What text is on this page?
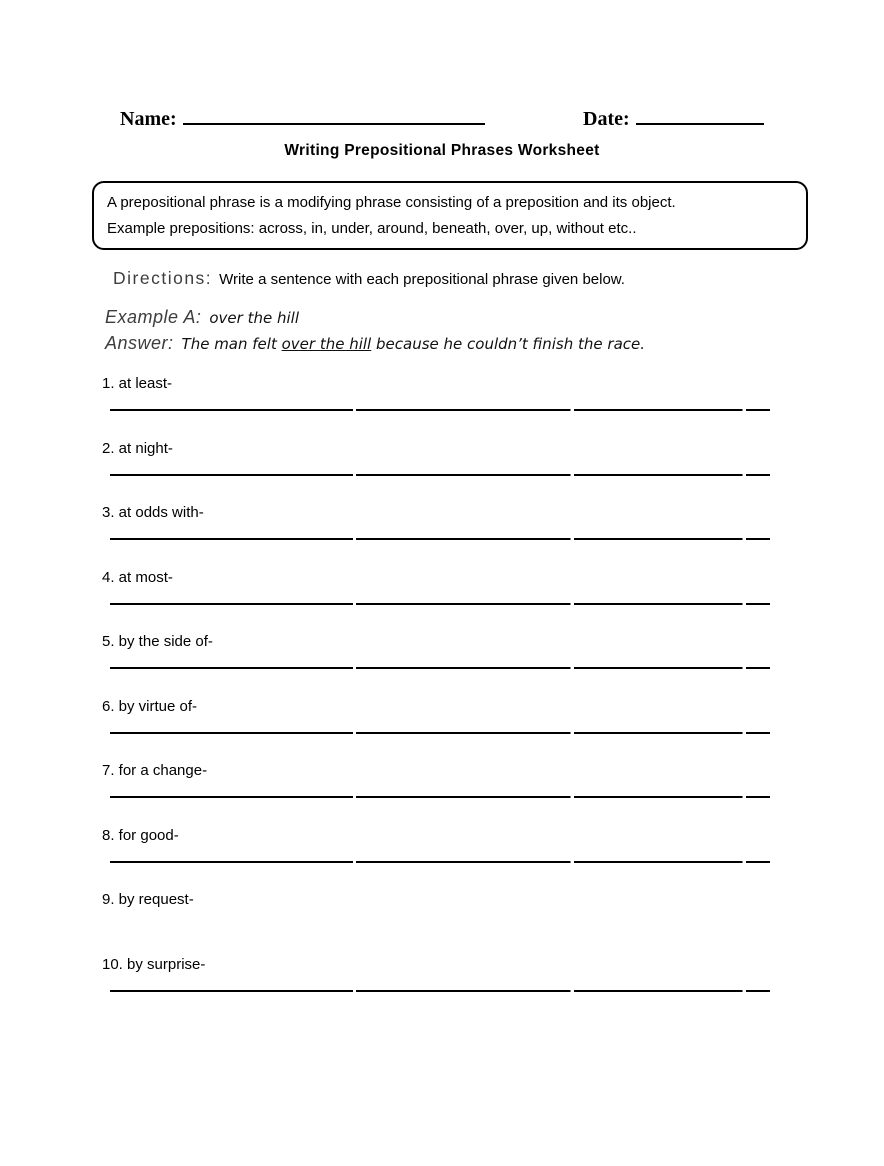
Name:	Date:
Writing Prepositional Phrases Worksheet
A prepositional phrase is a modifying phrase consisting of a preposition and its object.
Example prepositions: across, in, under, around, beneath, over, up, without etc..
Directions: Write a sentence with each prepositional phrase given below.
Example A: over the hill
Answer: The man felt over the hill because he couldn’t finish the race.
1. at least-
2. at night-
3. at odds with-
4. at most-
5. by the side of-
6. by virtue of-
7. for a change-
8. for good-
9. by request-
10. by surprise-
